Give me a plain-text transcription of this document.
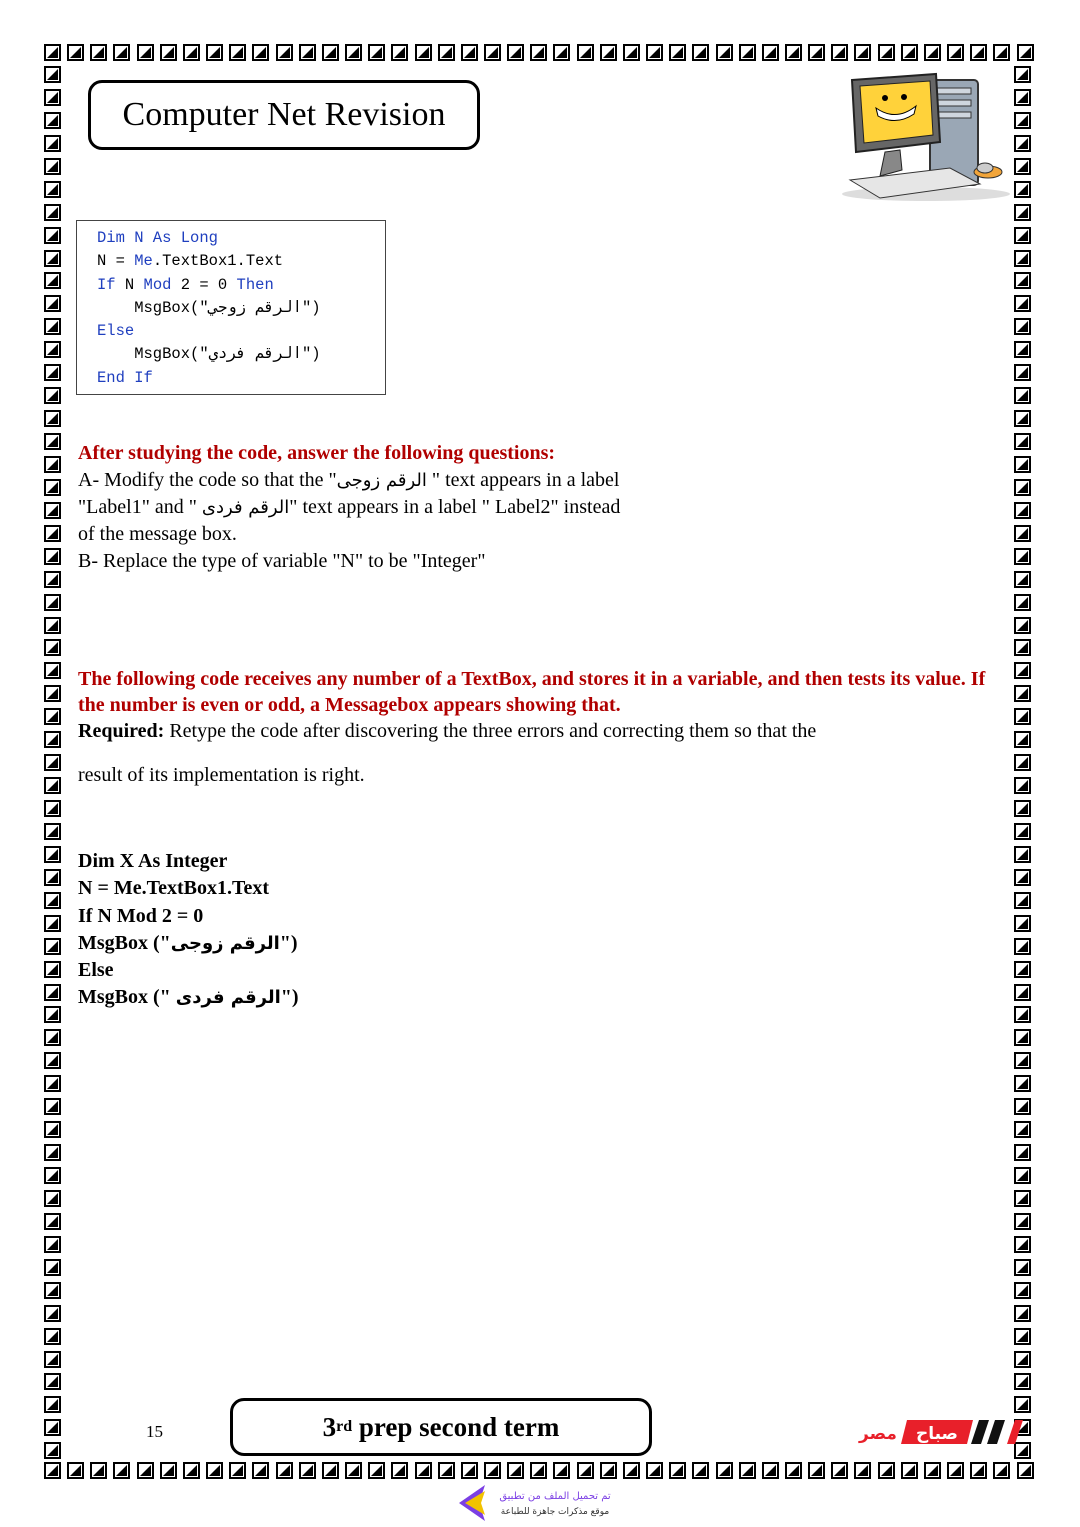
Computer Net Revision
Dim N As Long
N = Me.TextBox1.Text
If N Mod 2 = 0 Then
MsgBox("الرقم زوجي")
Else
MsgBox("الرقم فردي")
End If
After studying the code, answer the following questions:
A- Modify the code so that the "الرقم زوجى " text appears in a label
"Label1" and " الرقم فردى" text appears in a label " Label2" instead
of the message box.
B- Replace the type of variable "N" to be "Integer"

The following code receives any number of a TextBox, and stores it in a variable, and then tests its value. If the number is even or odd, a Messagebox appears showing that.

Required: Retype the code after discovering the three errors and correcting them so that the

result of its implementation is right.

Dim X As Integer
N = Me.TextBox1.Text
If N Mod 2 = 0
MsgBox ("الرقم زوجى")
Else
MsgBox (" الرقم فردى")
15	3 rd prep second term	مصر صباح
تم تحميل الملف من تطبيق
موقع مذكرات جاهزة للطباعة
